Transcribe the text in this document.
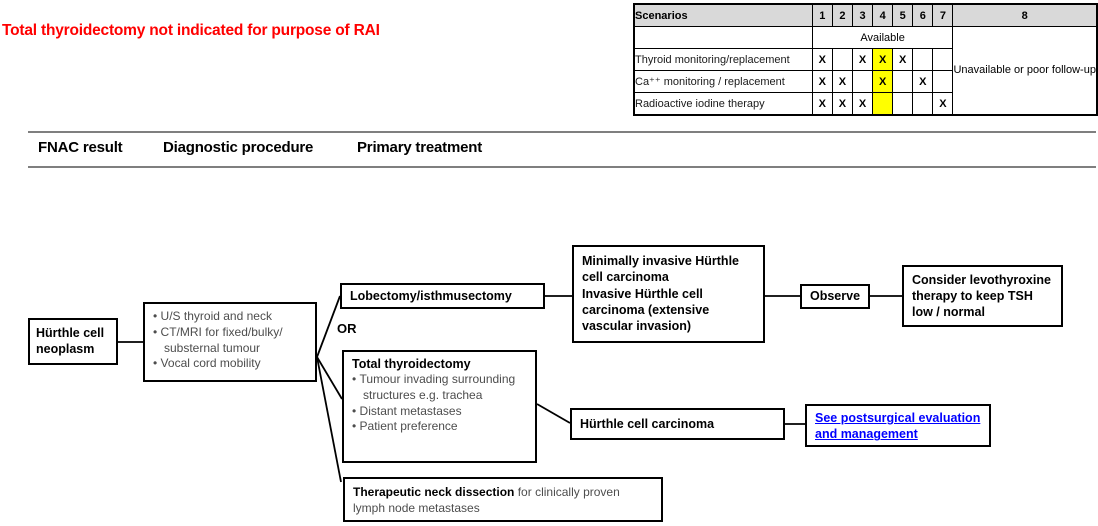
Total thyroidectomy not indicated for purpose of RAI
Scenarios	1	2	3	4	5	6	7	8
	Available							Unavailable or poor follow-up
Thyroid monitoring/replacement	X		X	X	X			
Ca⁺⁺ monitoring / replacement	X	X		X		X		
Radioactive iodine therapy	X	X	X				X	
FNAC result	Diagnostic procedure	Primary treatment
Hürthle cell neoplasm
• U/S thyroid and neck
• CT/MRI for fixed/bulky/ substernal tumour
• Vocal cord mobility
Lobectomy/isthmusectomy
OR
Minimally invasive Hürthle cell carcinoma
Invasive Hürthle cell carcinoma (extensive vascular invasion)
Observe
Consider levothyroxine therapy to keep TSH low / normal
Total thyroidectomy
• Tumour invading surrounding structures e.g. trachea
• Distant metastases
• Patient preference	Hürthle cell carcinoma	See postsurgical evaluation and management
Therapeutic neck dissection for clinically proven lymph node metastases
